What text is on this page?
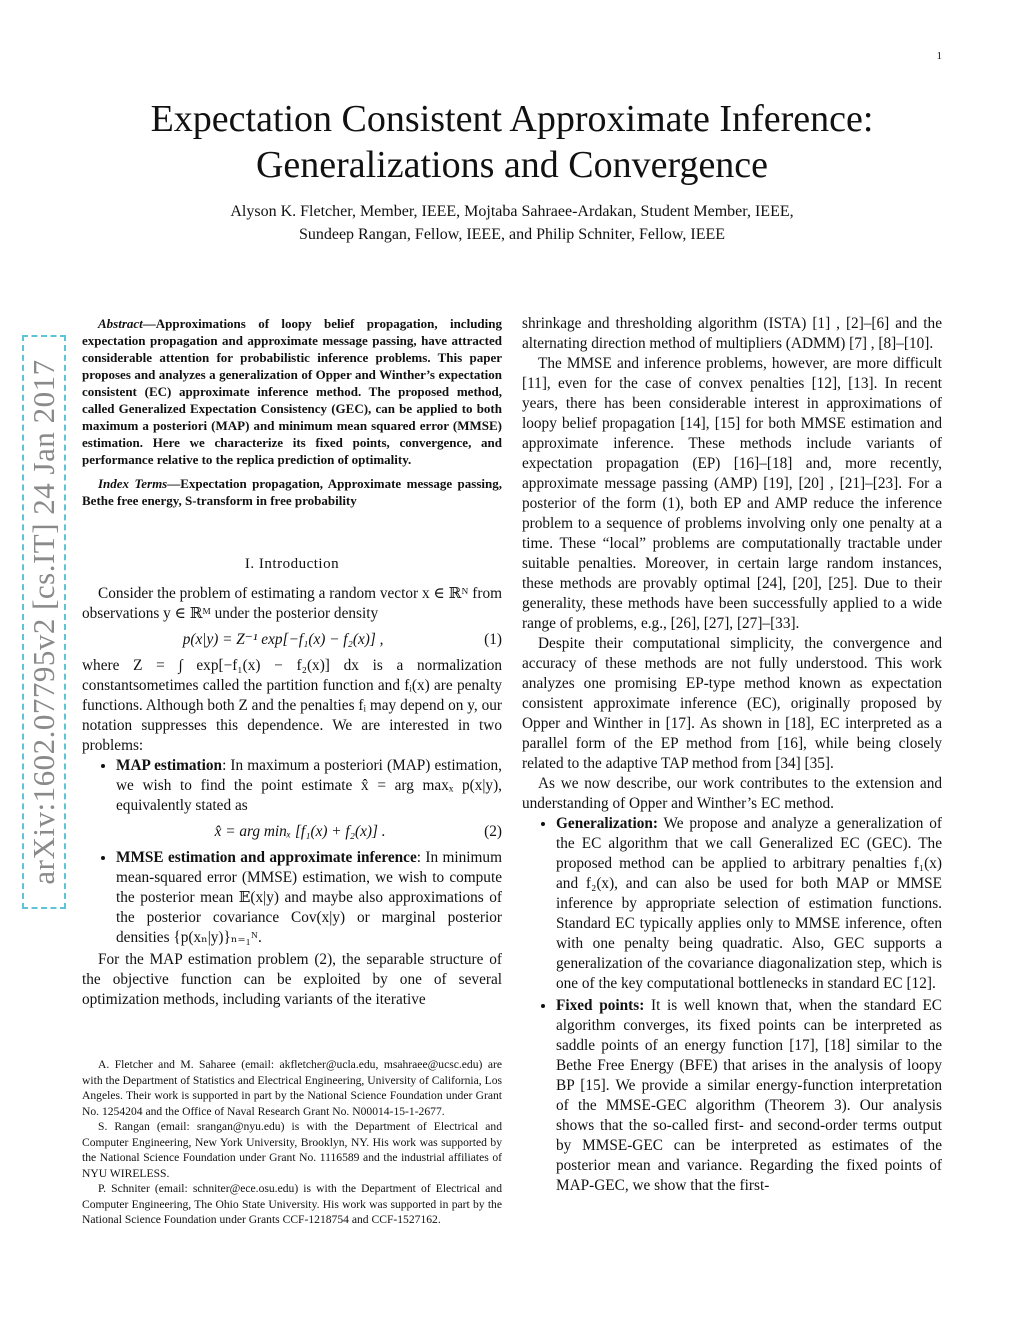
1
Expectation Consistent Approximate Inference:
Generalizations and Convergence
Alyson K. Fletcher, Member, IEEE, Mojtaba Sahraee-Ardakan, Student Member, IEEE,
Sundeep Rangan, Fellow, IEEE, and Philip Schniter, Fellow, IEEE
arXiv:1602.07795v2 [cs.IT] 24 Jan 2017

Abstract—Approximations of loopy belief propagation, including expectation propagation and approximate message passing, have attracted considerable attention for probabilistic inference problems. This paper proposes and analyzes a generalization of Opper and Winther’s expectation consistent (EC) approximate inference method. The proposed method, called Generalized Expectation Consistency (GEC), can be applied to both maximum a posteriori (MAP) and minimum mean squared error (MMSE) estimation. Here we characterize its fixed points, convergence, and performance relative to the replica prediction of optimality.

Index Terms—Expectation propagation, Approximate message passing, Bethe free energy, S-transform in free probability

I. Introduction

Consider the problem of estimating a random vector x ∈ ℝᴺ from observations y ∈ ℝᴹ under the posterior density

p(x|y) = Z⁻¹ exp[−f₁(x) − f₂(x)] ,	(1)

where Z = ∫ exp[−f₁(x) − f₂(x)] dx is a normalization constantsometimes called the partition function and fᵢ(x) are penalty functions. Although both Z and the penalties fᵢ may depend on y, our notation suppresses this dependence. We are interested in two problems:

• MAP estimation: In maximum a posteriori (MAP) estimation, we wish to find the point estimate x̂ = arg maxₓ p(x|y), equivalently stated as
x̂ = arg minₓ [f₁(x) + f₂(x)] .	(2)
• MMSE estimation and approximate inference: In minimum mean-squared error (MMSE) estimation, we wish to compute the posterior mean 𝔼(x|y) and maybe also approximations of the posterior covariance Cov(x|y) or marginal posterior densities {p(xₙ|y)}ₙ₌₁ᴺ.

For the MAP estimation problem (2), the separable structure of the objective function can be exploited by one of several optimization methods, including variants of the iterative

A. Fletcher and M. Saharee (email: akfletcher@ucla.edu, msahraee@ucsc.edu) are with the Department of Statistics and Electrical Engineering, University of California, Los Angeles. Their work is supported in part by the National Science Foundation under Grant No. 1254204 and the Office of Naval Research Grant No. N00014-15-1-2677.

S. Rangan (email: srangan@nyu.edu) is with the Department of Electrical and Computer Engineering, New York University, Brooklyn, NY. His work was supported by the National Science Foundation under Grant No. 1116589 and the industrial affiliates of NYU WIRELESS.

P. Schniter (email: schniter@ece.osu.edu) is with the Department of Electrical and Computer Engineering, The Ohio State University. His work was supported in part by the National Science Foundation under Grants CCF-1218754 and CCF-1527162.

shrinkage and thresholding algorithm (ISTA) [1] , [2]–[6] and the alternating direction method of multipliers (ADMM) [7] , [8]–[10].

The MMSE and inference problems, however, are more difficult [11], even for the case of convex penalties [12], [13]. In recent years, there has been considerable interest in approximations of loopy belief propagation [14], [15] for both MMSE estimation and approximate inference. These methods include variants of expectation propagation (EP) [16]–[18] and, more recently, approximate message passing (AMP) [19], [20] , [21]–[23]. For a posterior of the form (1), both EP and AMP reduce the inference problem to a sequence of problems involving only one penalty at a time. These “local” problems are computationally tractable under suitable penalties. Moreover, in certain large random instances, these methods are provably optimal [24], [20], [25]. Due to their generality, these methods have been successfully applied to a wide range of problems, e.g., [26], [27], [27]–[33].

Despite their computational simplicity, the convergence and accuracy of these methods are not fully understood. This work analyzes one promising EP-type method known as expectation consistent approximate inference (EC), originally proposed by Opper and Winther in [17]. As shown in [18], EC interpreted as a parallel form of the EP method from [16], while being closely related to the adaptive TAP method from [34] [35].

As we now describe, our work contributes to the extension and understanding of Opper and Winther’s EC method.

• Generalization: We propose and analyze a generalization of the EC algorithm that we call Generalized EC (GEC). The proposed method can be applied to arbitrary penalties f₁(x) and f₂(x), and can also be used for both MAP or MMSE inference by appropriate selection of estimation functions. Standard EC typically applies only to MMSE inference, often with one penalty being quadratic. Also, GEC supports a generalization of the covariance diagonalization step, which is one of the key computational bottlenecks in standard EC [12].
• Fixed points: It is well known that, when the standard EC algorithm converges, its fixed points can be interpreted as saddle points of an energy function [17], [18] similar to the Bethe Free Energy (BFE) that arises in the analysis of loopy BP [15]. We provide a similar energy-function interpretation of the MMSE-GEC algorithm (Theorem 3). Our analysis shows that the so-called first- and second-order terms output by MMSE-GEC can be interpreted as estimates of the posterior mean and variance. Regarding the fixed points of MAP-GEC, we show that the first-
